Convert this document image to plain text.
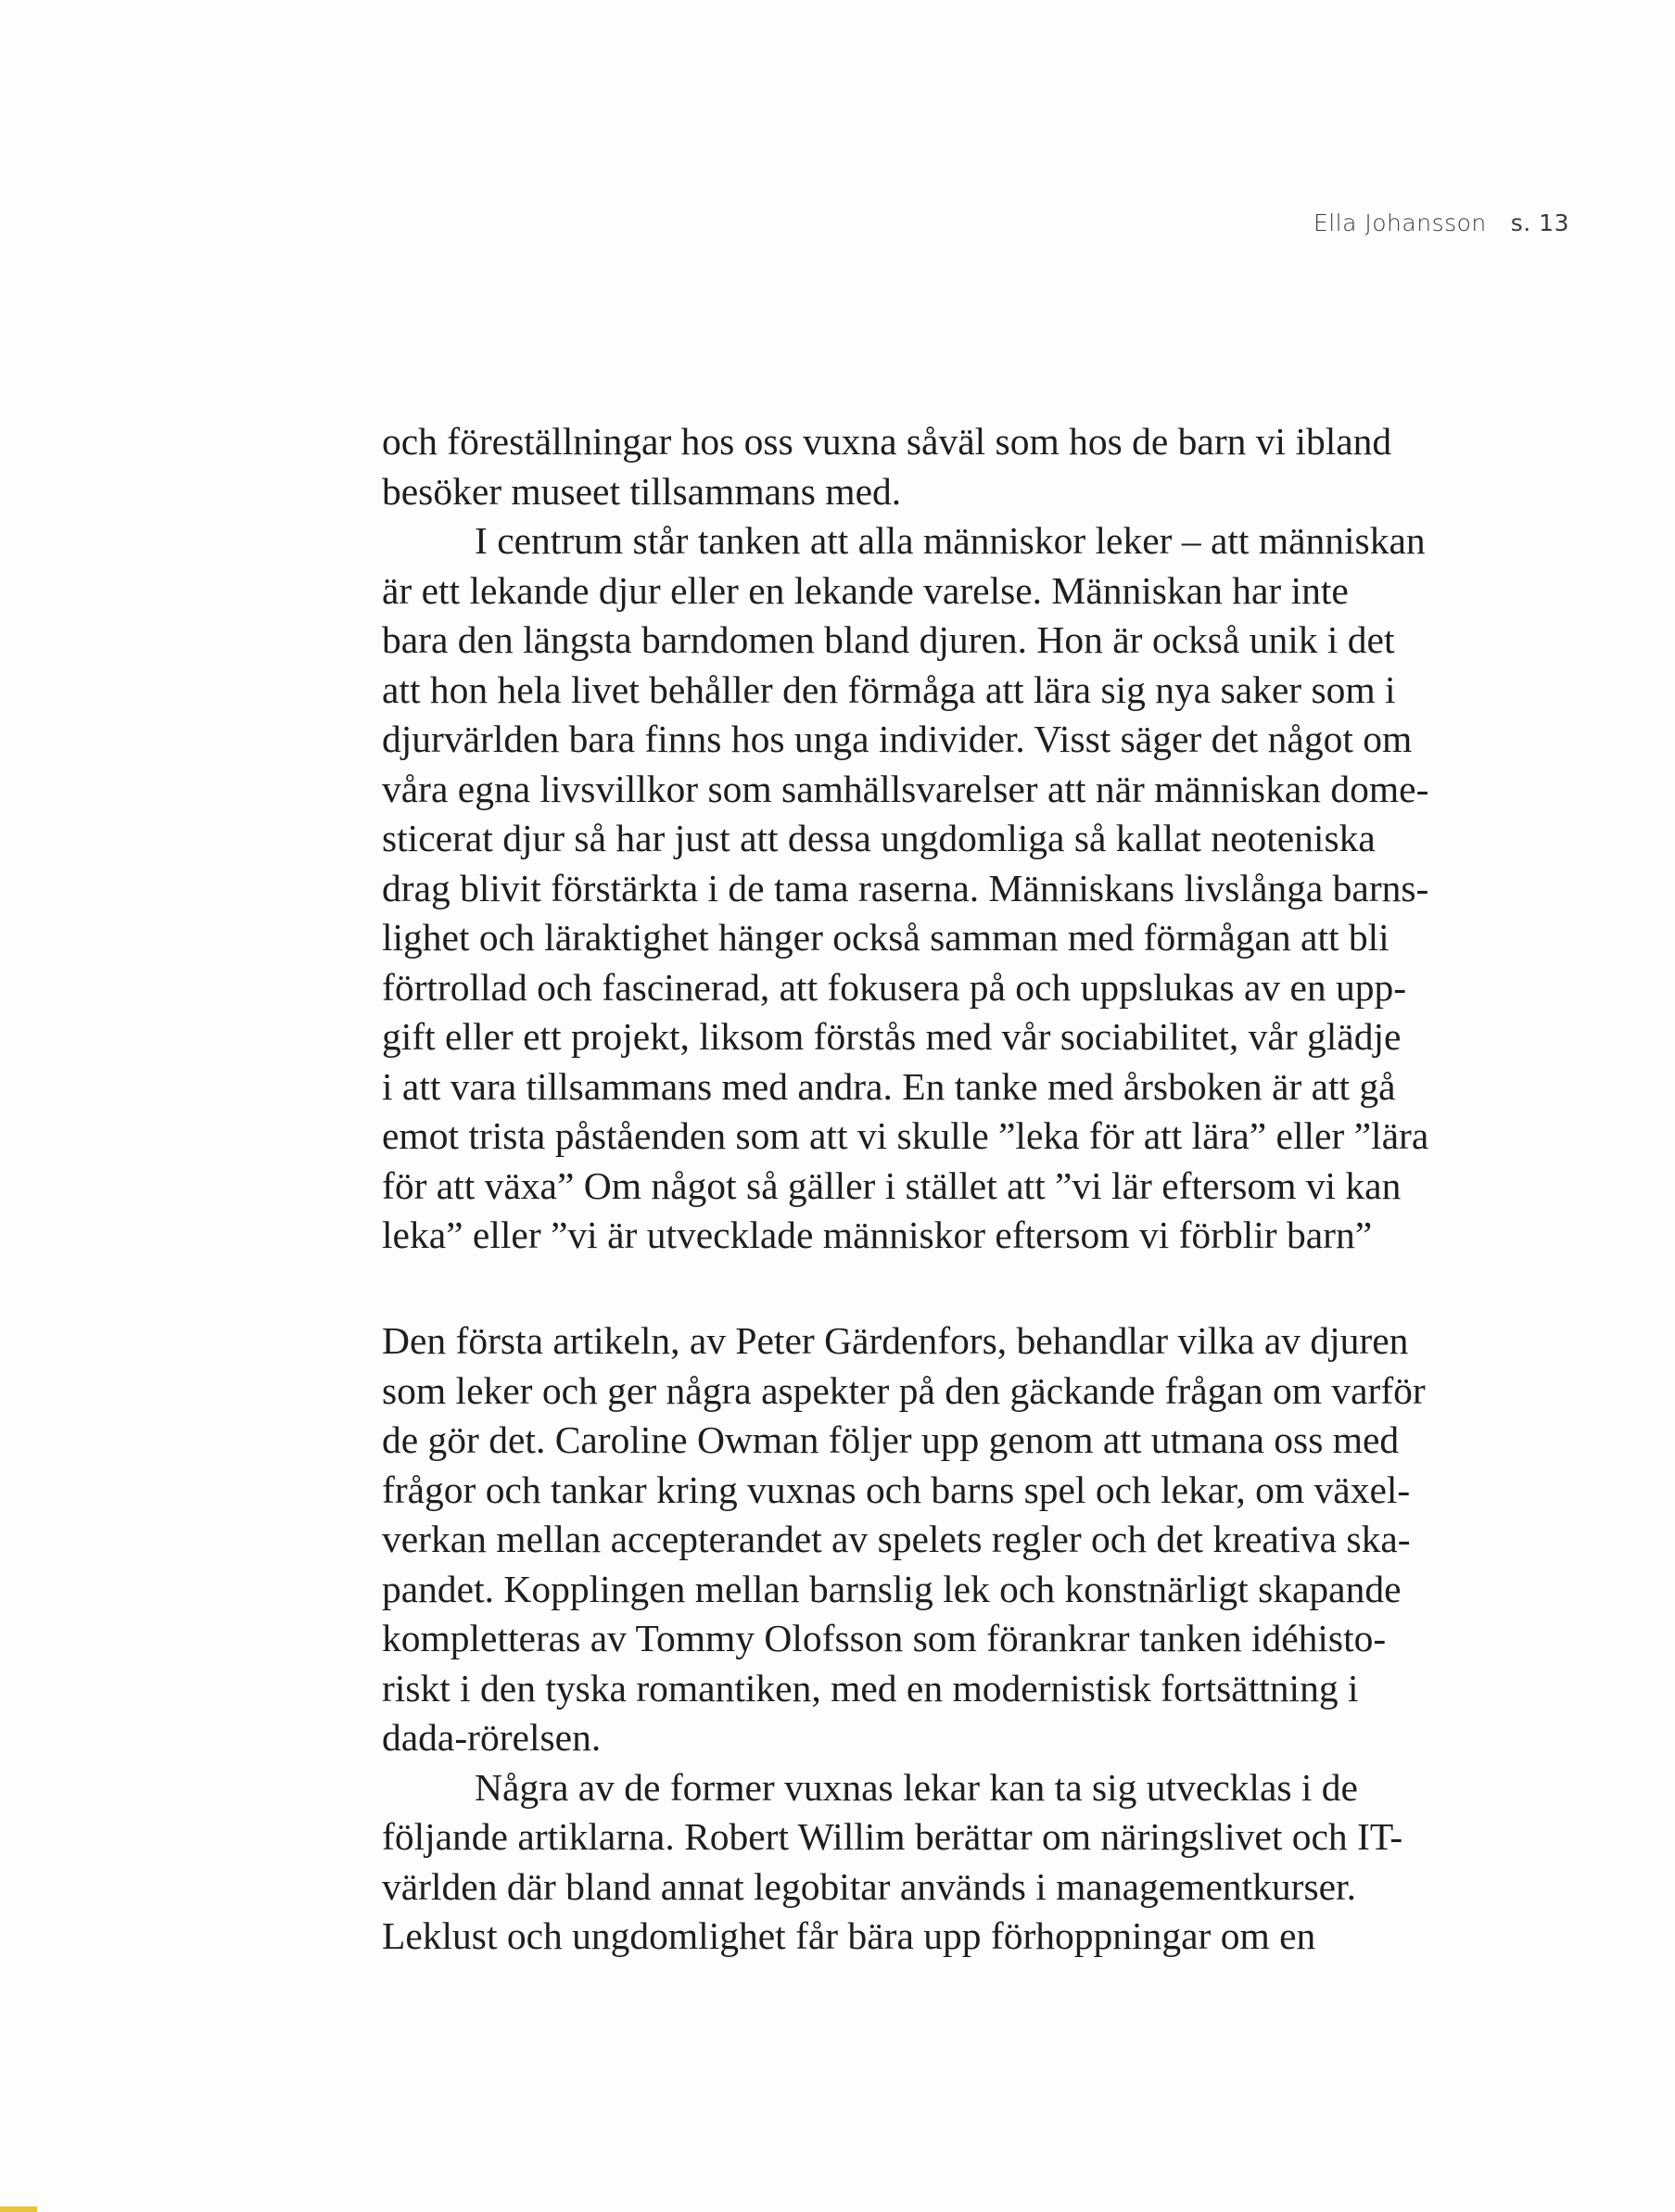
Ella Johansson s. 13
och föreställningar hos oss vuxna såväl som hos de barn vi ibland
besöker museet tillsammans med.
I centrum står tanken att alla människor leker – att människan
är ett lekande djur eller en lekande varelse. Människan har inte
bara den längsta barndomen bland djuren. Hon är också unik i det
att hon hela livet behåller den förmåga att lära sig nya saker som i
djurvärlden bara finns hos unga individer. Visst säger det något om
våra egna livsvillkor som samhällsvarelser att när människan dome-
sticerat djur så har just att dessa ungdomliga så kallat neoteniska
drag blivit förstärkta i de tama raserna. Människans livslånga barns-
lighet och läraktighet hänger också samman med förmågan att bli
förtrollad och fascinerad, att fokusera på och uppslukas av en upp-
gift eller ett projekt, liksom förstås med vår sociabilitet, vår glädje
i att vara tillsammans med andra. En tanke med årsboken är att gå
emot trista påståenden som att vi skulle ”leka för att lära” eller ”lära
för att växa” Om något så gäller i stället att ”vi lär eftersom vi kan
leka” eller ”vi är utvecklade människor eftersom vi förblir barn”
Den första artikeln, av Peter Gärdenfors, behandlar vilka av djuren
som leker och ger några aspekter på den gäckande frågan om varför
de gör det. Caroline Owman följer upp genom att utmana oss med
frågor och tankar kring vuxnas och barns spel och lekar, om växel-
verkan mellan accepterandet av spelets regler och det kreativa ska-
pandet. Kopplingen mellan barnslig lek och konstnärligt skapande
kompletteras av Tommy Olofsson som förankrar tanken idéhisto-
riskt i den tyska romantiken, med en modernistisk fortsättning i
dada-rörelsen.
Några av de former vuxnas lekar kan ta sig utvecklas i de
följande artiklarna. Robert Willim berättar om näringslivet och IT-
världen där bland annat legobitar används i managementkurser.
Leklust och ungdomlighet får bära upp förhoppningar om en
